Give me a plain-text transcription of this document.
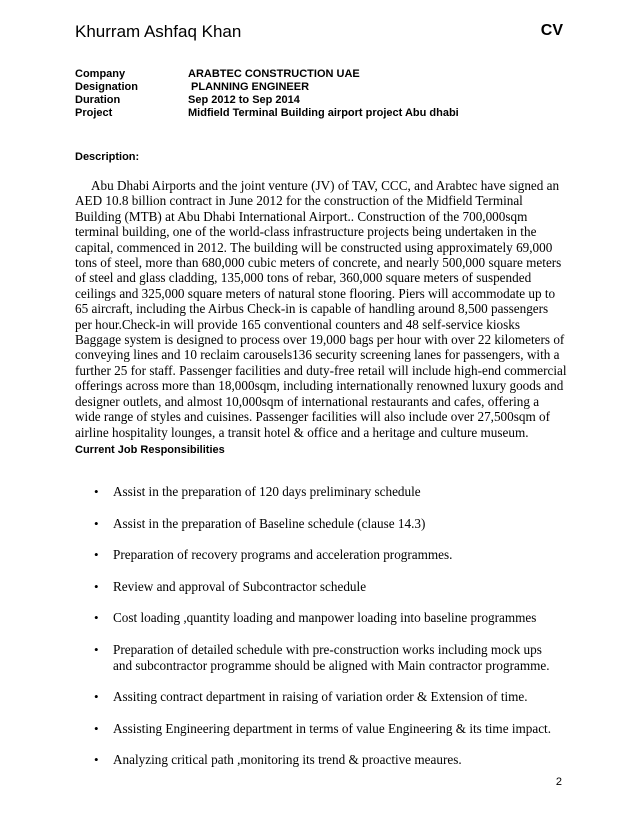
Khurram Ashfaq Khan	CV
Company	ARABTEC CONSTRUCTION UAE
Designation	PLANNING ENGINEER
Duration	Sep 2012 to Sep 2014
Project	Midfield Terminal Building airport project Abu dhabi
Description:

Abu Dhabi Airports and the joint venture (JV) of TAV, CCC, and Arabtec have signed an AED 10.8 billion contract in June 2012 for the construction of the Midfield Terminal Building (MTB) at Abu Dhabi International Airport.. Construction of the 700,000sqm terminal building, one of the world-class infrastructure projects being undertaken in the capital, commenced in 2012. The building will be constructed using approximately 69,000 tons of steel, more than 680,000 cubic meters of concrete, and nearly 500,000 square meters of steel and glass cladding, 135,000 tons of rebar, 360,000 square meters of suspended ceilings and 325,000 square meters of natural stone flooring. Piers will accommodate up to 65 aircraft, including the Airbus Check-in is capable of handling around 8,500 passengers per hour.Check-in will provide 165 conventional counters and 48 self-service kiosks Baggage system is designed to process over 19,000 bags per hour with over 22 kilometers of conveying lines and 10 reclaim carousels136 security screening lanes for passengers, with a further 25 for staff. Passenger facilities and duty-free retail will include high-end commercial offerings across more than 18,000sqm, including internationally renowned luxury goods and designer outlets, and almost 10,000sqm of international restaurants and cafes, offering a wide range of styles and cuisines. Passenger facilities will also include over 27,500sqm of airline hospitality lounges, a transit hotel & office and a heritage and culture museum.

Current Job Responsibilities
• Assist in the preparation of 120 days preliminary schedule
• Assist in the preparation of Baseline schedule (clause 14.3)
• Preparation of recovery programs and acceleration programmes.
• Review and approval of Subcontractor schedule
• Cost loading ,quantity loading and manpower loading into baseline programmes
• Preparation of detailed schedule with pre-construction works including mock ups and subcontractor programme should be aligned with Main contractor programme.
• Assiting contract department in raising of variation order & Extension of time.
• Assisting Engineering department in terms of value Engineering & its time impact.
• Analyzing critical path ,monitoring its trend & proactive meaures.
2
